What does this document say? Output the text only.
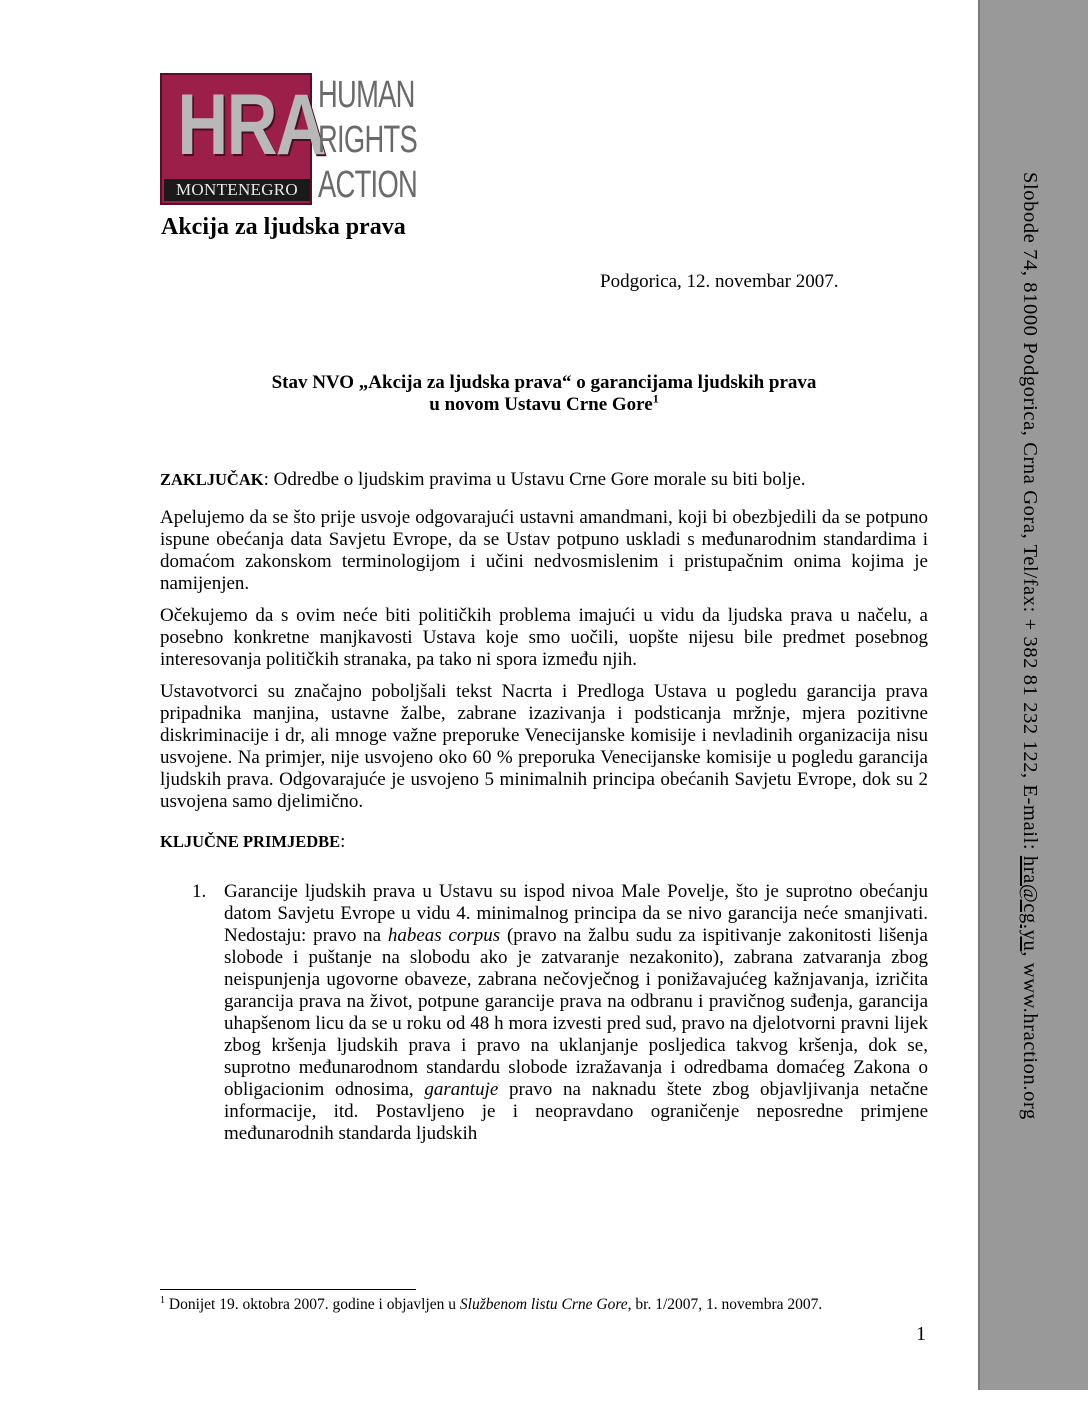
Slobode 74, 81000 Podgorica, Crna Gora, Tel/fax: + 382 81 232 122, E-mail: hra@cg.yu, www.hraction.org
HRA
MONTENEGRO
HUMAN
RIGHTS
ACTION
Akcija za ljudska prava
Podgorica, 12. novembar 2007.
Stav NVO „Akcija za ljudska prava“ o garancijama ljudskih prava
u novom Ustavu Crne Gore$^1$

ZAKLJUČAK: Odredbe o ljudskim pravima u Ustavu Crne Gore morale su biti bolje.

Apelujemo da se što prije usvoje odgovarajući ustavni amandmani, koji bi obezbjedili da se potpuno ispune obećanja data Savjetu Evrope, da se Ustav potpuno uskladi s međunarodnim standardima i domaćom zakonskom terminologijom i učini nedvosmislenim i pristupačnim onima kojima je namijenjen.

Očekujemo da s ovim neće biti političkih problema imajući u vidu da ljudska prava u načelu, a posebno konkretne manjkavosti Ustava koje smo uočili, uopšte nijesu bile predmet posebnog interesovanja političkih stranaka, pa tako ni spora između njih.

Ustavotvorci su značajno poboljšali tekst Nacrta i Predloga Ustava u pogledu garancija prava pripadnika manjina, ustavne žalbe, zabrane izazivanja i podsticanja mržnje, mjera pozitivne diskriminacije i dr, ali mnoge važne preporuke Venecijanske komisije i nevladinih organizacija nisu usvojene. Na primjer, nije usvojeno oko 60 % preporuka Venecijanske komisije u pogledu garancija ljudskih prava. Odgovarajuće je usvojeno 5 minimalnih principa obećanih Savjetu Evrope, dok su 2 usvojena samo djelimično.

KLJUČNE PRIMJEDBE:

1. Garancije ljudskih prava u Ustavu su ispod nivoa Male Povelje, što je suprotno obećanju datom Savjetu Evrope u vidu 4. minimalnog principa da se nivo garancija neće smanjivati. Nedostaju: pravo na habeas corpus (pravo na žalbu sudu za ispitivanje zakonitosti lišenja slobode i puštanje na slobodu ako je zatvaranje nezakonito), zabrana zatvaranja zbog neispunjenja ugovorne obaveze, zabrana nečovječnog i ponižavajućeg kažnjavanja, izričita garancija prava na život, potpune garancije prava na odbranu i pravičnog suđenja, garancija uhapšenom licu da se u roku od 48 h mora izvesti pred sud, pravo na djelotvorni pravni lijek zbog kršenja ljudskih prava i pravo na uklanjanje posljedica takvog kršenja, dok se, suprotno međunarodnom standardu slobode izražavanja i odredbama domaćeg Zakona o obligacionim odnosima, garantuje pravo na naknadu štete zbog objavljivanja netačne informacije, itd. Postavljeno je i neopravdano ograničenje neposredne primjene međunarodnih standarda ljudskih
$^1$ Donijet 19. oktobra 2007. godine i objavljen u Službenom listu Crne Gore, br. 1/2007, 1. novembra 2007.
1
